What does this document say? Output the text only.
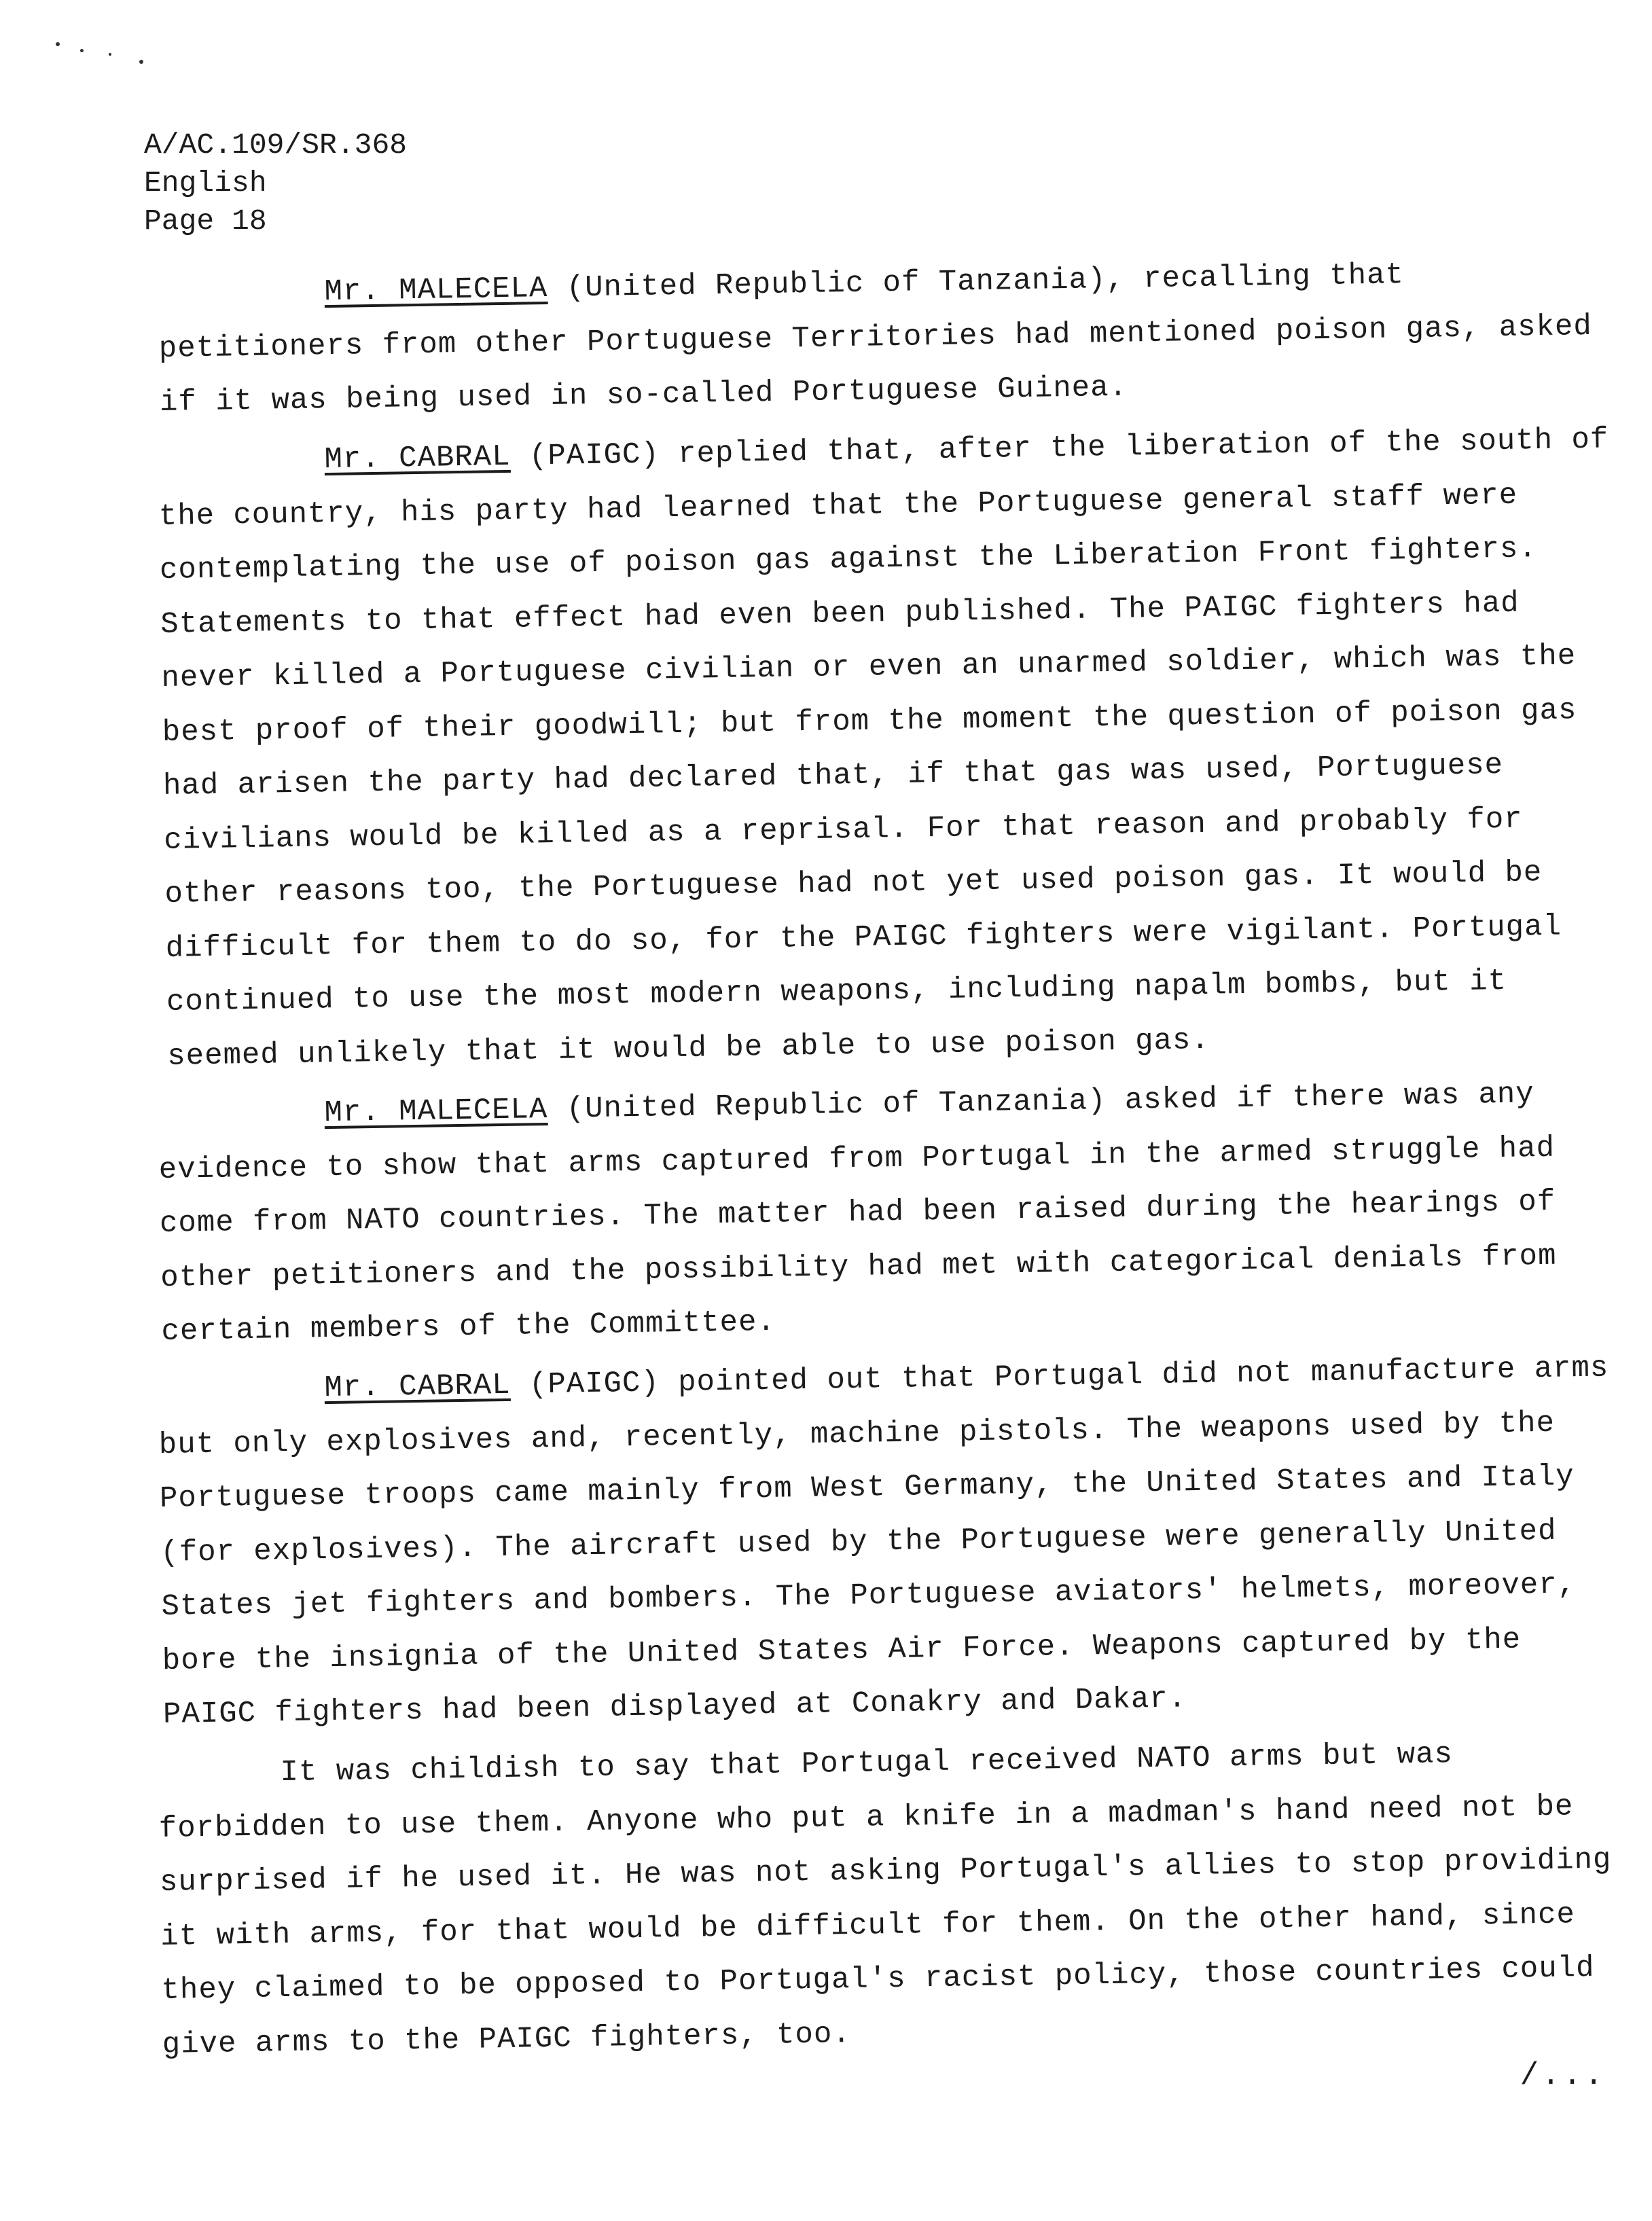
A/AC.109/SR.368
English
Page 18

Mr. MALECELA (United Republic of Tanzania), recalling that petitioners from other Portuguese Territories had mentioned poison gas, asked if it was being used in so-called Portuguese Guinea.

Mr. CABRAL (PAIGC) replied that, after the liberation of the south of the country, his party had learned that the Portuguese general staff were contemplating the use of poison gas against the Liberation Front fighters. Statements to that effect had even been published. The PAIGC fighters had never killed a Portuguese civilian or even an unarmed soldier, which was the best proof of their goodwill; but from the moment the question of poison gas had arisen the party had declared that, if that gas was used, Portuguese civilians would be killed as a reprisal. For that reason and probably for other reasons too, the Portuguese had not yet used poison gas. It would be difficult for them to do so, for the PAIGC fighters were vigilant. Portugal continued to use the most modern weapons, including napalm bombs, but it seemed unlikely that it would be able to use poison gas.

Mr. MALECELA (United Republic of Tanzania) asked if there was any evidence to show that arms captured from Portugal in the armed struggle had come from NATO countries. The matter had been raised during the hearings of other petitioners and the possibility had met with categorical denials from certain members of the Committee.

Mr. CABRAL (PAIGC) pointed out that Portugal did not manufacture arms but only explosives and, recently, machine pistols. The weapons used by the Portuguese troops came mainly from West Germany, the United States and Italy (for explosives). The aircraft used by the Portuguese were generally United States jet fighters and bombers. The Portuguese aviators' helmets, moreover, bore the insignia of the United States Air Force. Weapons captured by the PAIGC fighters had been displayed at Conakry and Dakar.

It was childish to say that Portugal received NATO arms but was forbidden to use them. Anyone who put a knife in a madman's hand need not be surprised if he used it. He was not asking Portugal's allies to stop providing it with arms, for that would be difficult for them. On the other hand, since they claimed to be opposed to Portugal's racist policy, those countries could give arms to the PAIGC fighters, too.

/...
